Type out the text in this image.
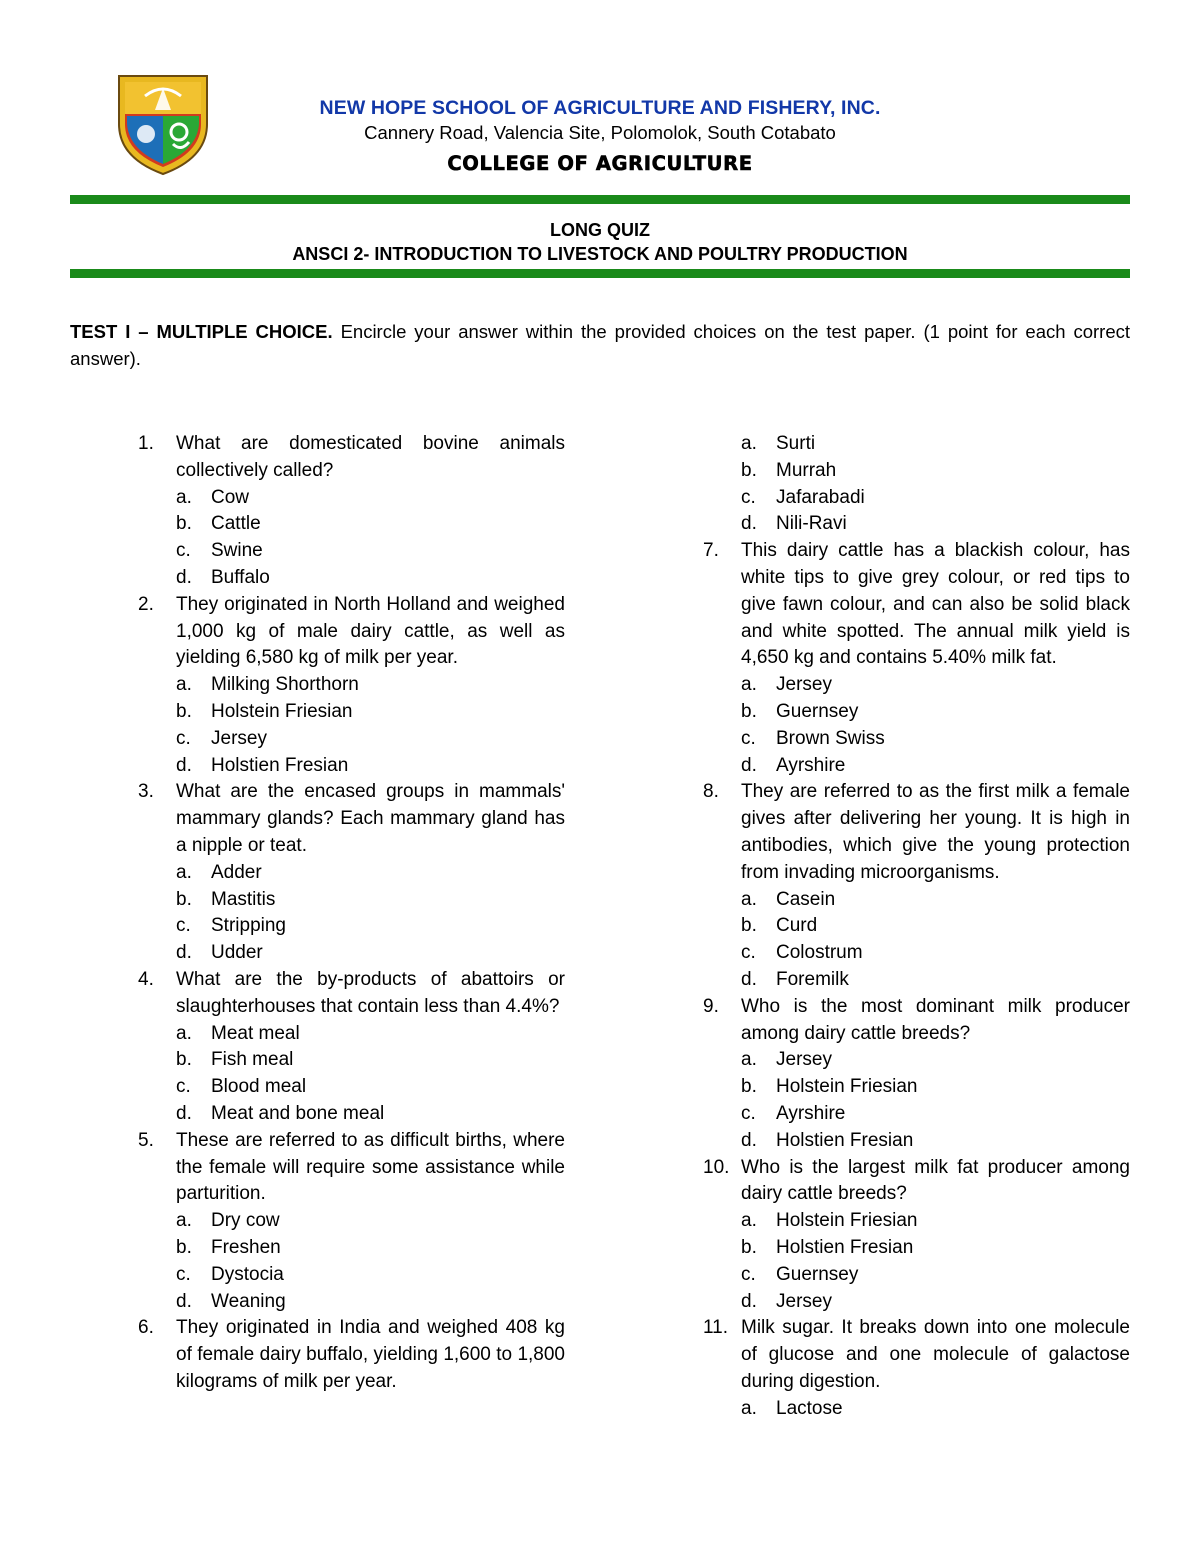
NEW HOPE SCHOOL OF AGRICULTURE AND FISHERY, INC.
Cannery Road, Valencia Site, Polomolok, South Cotabato
COLLEGE OF AGRICULTURE
LONG QUIZ
ANSCI 2- INTRODUCTION TO LIVESTOCK AND POULTRY PRODUCTION
TEST I – MULTIPLE CHOICE. Encircle your answer within the provided choices on the test paper. (1 point for each correct answer).
1.	What are domesticated bovine animals collectively called?
a. Cow
b. Cattle
c. Swine
d. Buffalo
2.	They originated in North Holland and weighed 1,000 kg of male dairy cattle, as well as yielding 6,580 kg of milk per year.
a. Milking Shorthorn
b. Holstein Friesian
c. Jersey
d. Holstien Fresian
3.	What are the encased groups in mammals' mammary glands? Each mammary gland has a nipple or teat.
a. Adder
b. Mastitis
c. Stripping
d. Udder
4.	What are the by-products of abattoirs or slaughterhouses that contain less than 4.4%?
a. Meat meal
b. Fish meal
c. Blood meal
d. Meat and bone meal
5.	These are referred to as difficult births, where the female will require some assistance while parturition.
a. Dry cow
b. Freshen
c. Dystocia
d. Weaning
6.	They originated in India and weighed 408 kg of female dairy buffalo, yielding 1,600 to 1,800 kilograms of milk per year.
a. Surti
b. Murrah
c. Jafarabadi
d. Nili-Ravi
7.	This dairy cattle has a blackish colour, has white tips to give grey colour, or red tips to give fawn colour, and can also be solid black and white spotted. The annual milk yield is 4,650 kg and contains 5.40% milk fat.
a. Jersey
b. Guernsey
c. Brown Swiss
d. Ayrshire
8.	They are referred to as the first milk a female gives after delivering her young. It is high in antibodies, which give the young protection from invading microorganisms.
a. Casein
b. Curd
c. Colostrum
d. Foremilk
9.	Who is the most dominant milk producer among dairy cattle breeds?
a. Jersey
b. Holstein Friesian
c. Ayrshire
d. Holstien Fresian
10. Who is the largest milk fat producer among dairy cattle breeds?
a. Holstein Friesian
b. Holstien Fresian
c. Guernsey
d. Jersey
11. Milk sugar. It breaks down into one molecule of glucose and one molecule of galactose during digestion.
a. Lactose
